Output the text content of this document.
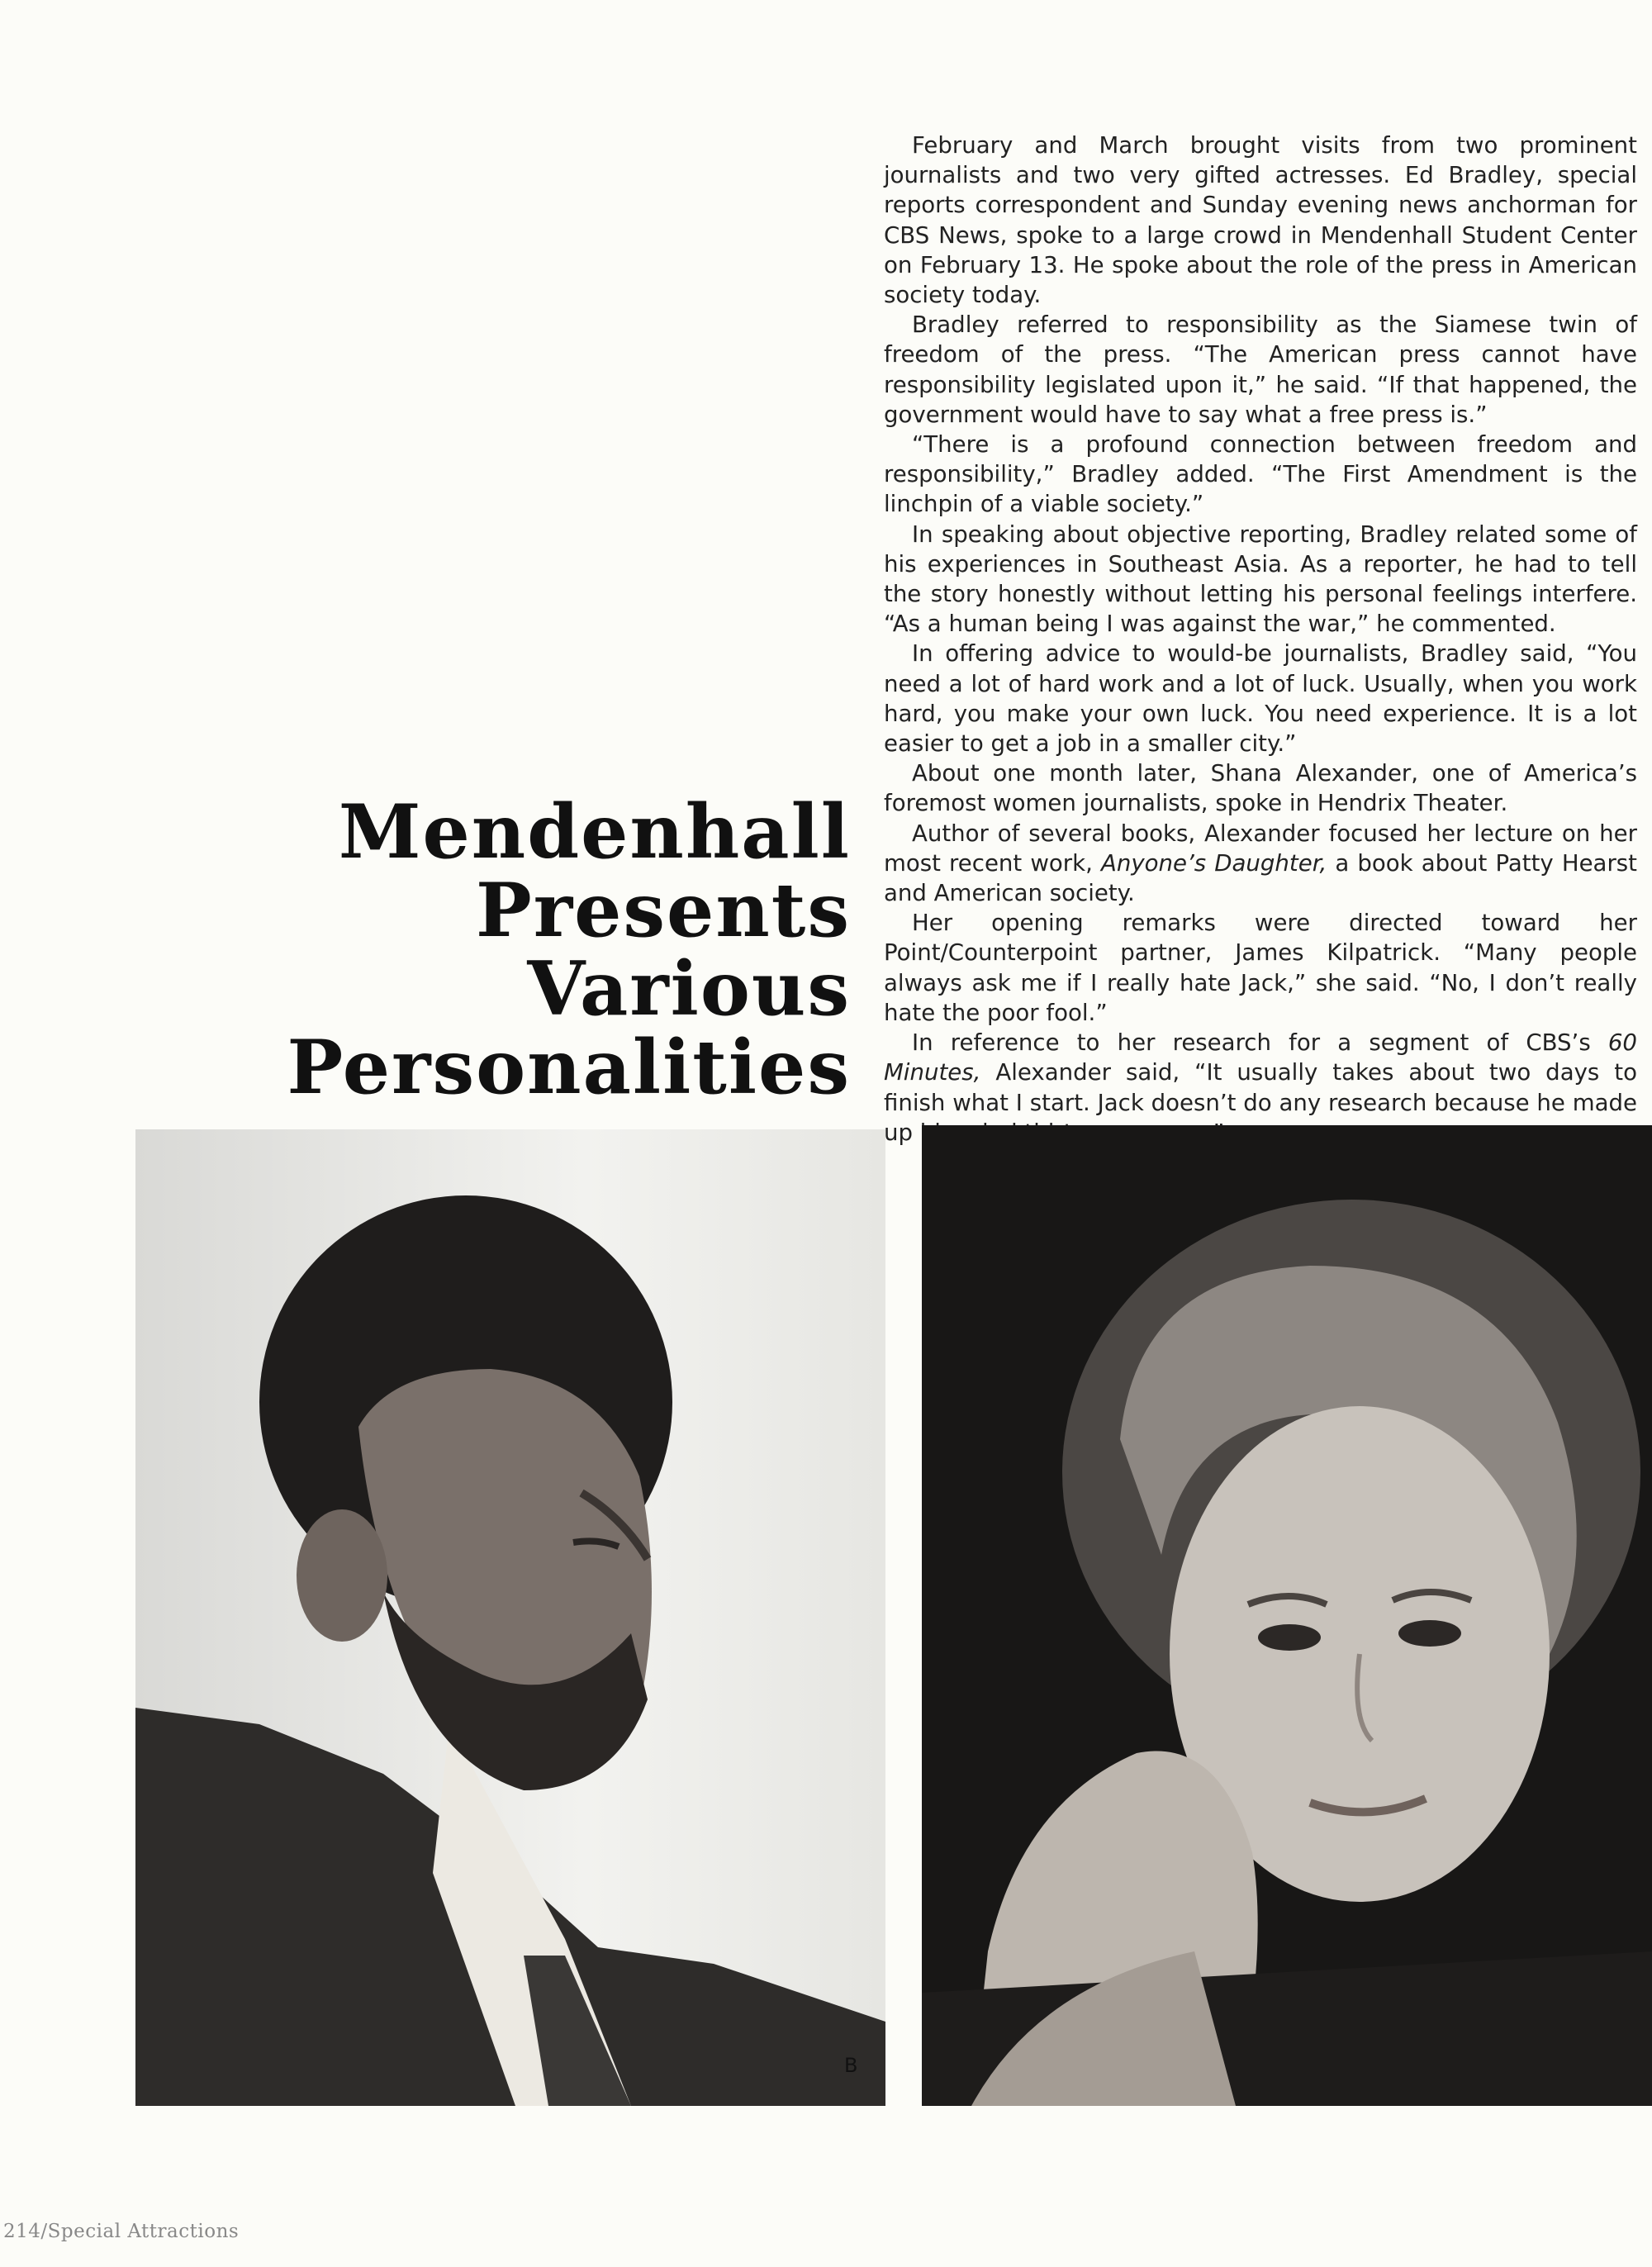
February and March brought visits from two prominent journalists and two very gifted actresses. Ed Bradley, special reports correspondent and Sunday evening news anchorman for CBS News, spoke to a large crowd in Mendenhall Student Center on February 13. He spoke about the role of the press in American society today.

Bradley referred to responsibility as the Siamese twin of freedom of the press. “The American press cannot have responsibility legislated upon it,” he said. “If that happened, the government would have to say what a free press is.”

“There is a profound connection between freedom and responsibility,” Bradley added. “The First Amendment is the linchpin of a viable society.”

In speaking about objective reporting, Bradley related some of his experiences in Southeast Asia. As a reporter, he had to tell the story honestly without letting his personal feelings interfere. “As a human being I was against the war,” he commented.

In offering advice to would-be journalists, Bradley said, “You need a lot of hard work and a lot of luck. Usually, when you work hard, you make your own luck. You need experience. It is a lot easier to get a job in a smaller city.”

About one month later, Shana Alexander, one of America’s foremost women journalists, spoke in Hendrix Theater.

Author of several books, Alexander focused her lecture on her most recent work, Anyone’s Daughter, a book about Patty Hearst and American society.

Her opening remarks were directed toward her Point/Counterpoint partner, James Kilpatrick. “Many people always ask me if I really hate Jack,” she said. “No, I don’t really hate the poor fool.”

In reference to her research for a segment of CBS’s 60 Minutes, Alexander said, “It usually takes about two days to finish what I start. Jack doesn’t do any research because he made up

Mendenhall
Presents
Various
Personalities
B
214/Special Attractions
